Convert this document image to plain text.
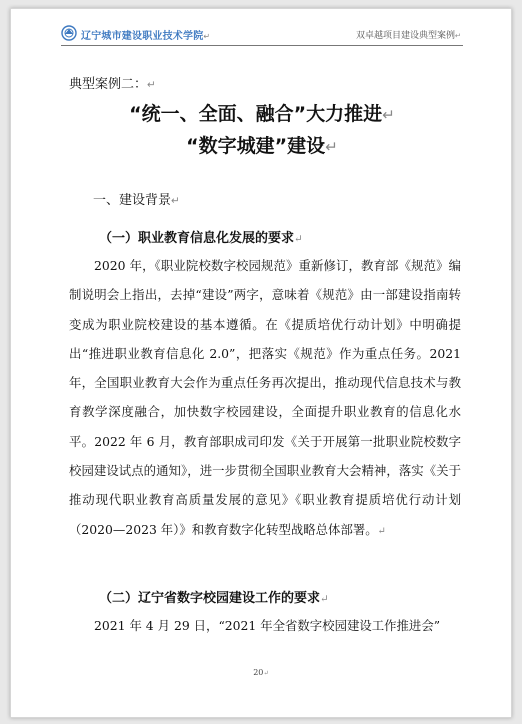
辽宁城市建设职业技术学院↵	双卓越项目建设典型案例↵
典型案例二：↵
“统一、全面、融合”大力推进↵
“数字城建”建设↵
一、建设背景↵
（一）职业教育信息化发展的要求↵

2020 年，《职业院校数字校园规范》重新修订，教育部《规范》编制说明会上指出，去掉“建设”两字，意味着《规范》由一部建设指南转变成为职业院校建设的基本遵循。在《提质培优行动计划》中明确提出“推进职业教育信息化 2.0”，把落实《规范》作为重点任务。2021 年，全国职业教育大会作为重点任务再次提出，推动现代信息技术与教育教学深度融合，加快数字校园建设，全面提升职业教育的信息化水平。2022 年 6 月，教育部职成司印发《关于开展第一批职业院校数字校园建设试点的通知》，进一步贯彻全国职业教育大会精神，落实《关于推动现代职业教育高质量发展的意见》《职业教育提质培优行动计划（2020—2023 年）》和教育数字化转型战略总体部署。↵

（二）辽宁省数字校园建设工作的要求↵

2021 年 4 月 29 日，“2021 年全省数字校园建设工作推进会”

20↵
